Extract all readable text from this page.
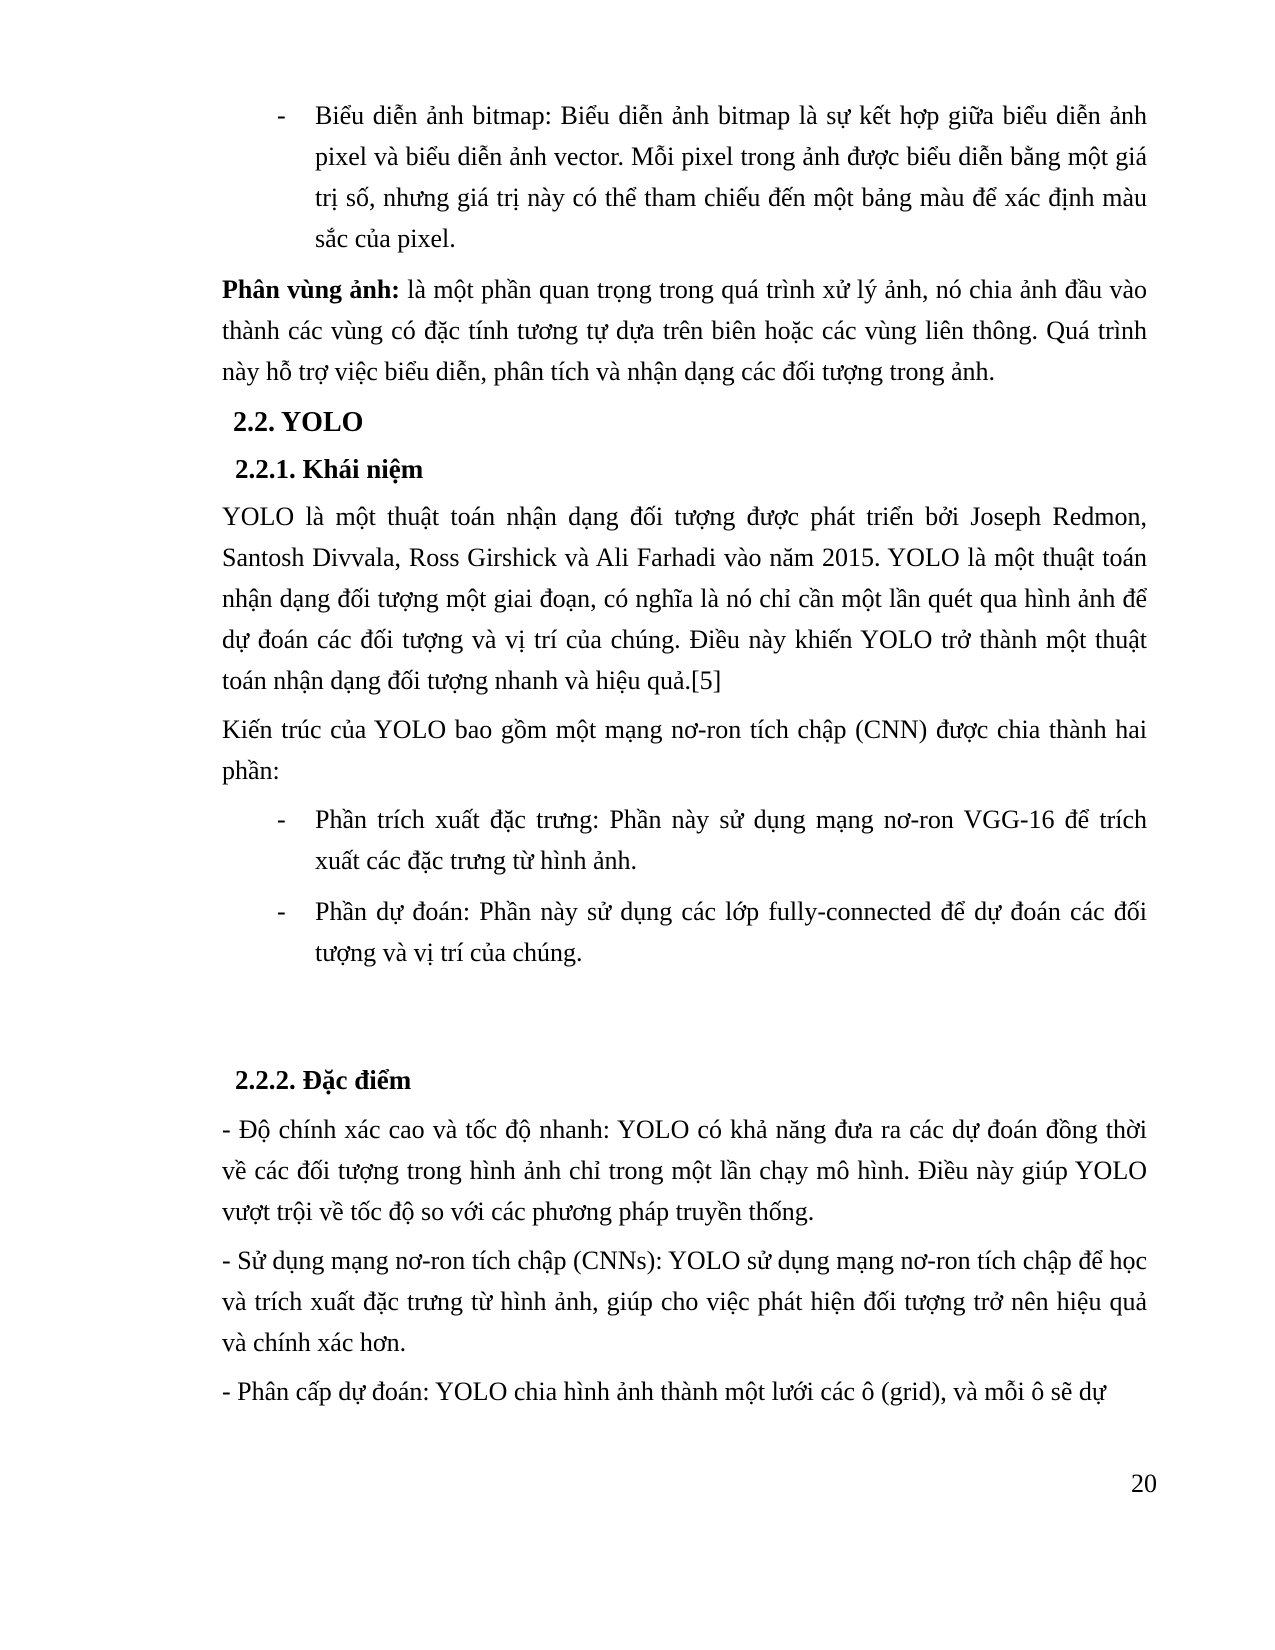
-	Biểu diễn ảnh bitmap: Biểu diễn ảnh bitmap là sự kết hợp giữa biểu diễn ảnh pixel và biểu diễn ảnh vector. Mỗi pixel trong ảnh được biểu diễn bằng một giá trị số, nhưng giá trị này có thể tham chiếu đến một bảng màu để xác định màu sắc của pixel.

Phân vùng ảnh: là một phần quan trọng trong quá trình xử lý ảnh, nó chia ảnh đầu vào thành các vùng có đặc tính tương tự dựa trên biên hoặc các vùng liên thông. Quá trình này hỗ trợ việc biểu diễn, phân tích và nhận dạng các đối tượng trong ảnh.

2.2. YOLO
2.2.1. Khái niệm

YOLO là một thuật toán nhận dạng đối tượng được phát triển bởi Joseph Redmon, Santosh Divvala, Ross Girshick và Ali Farhadi vào năm 2015. YOLO là một thuật toán nhận dạng đối tượng một giai đoạn, có nghĩa là nó chỉ cần một lần quét qua hình ảnh để dự đoán các đối tượng và vị trí của chúng. Điều này khiến YOLO trở thành một thuật toán nhận dạng đối tượng nhanh và hiệu quả.[5]

Kiến trúc của YOLO bao gồm một mạng nơ-ron tích chập (CNN) được chia thành hai phần:

-	Phần trích xuất đặc trưng: Phần này sử dụng mạng nơ-ron VGG-16 để trích xuất các đặc trưng từ hình ảnh.
-	Phần dự đoán: Phần này sử dụng các lớp fully-connected để dự đoán các đối tượng và vị trí của chúng.
2.2.2. Đặc điểm

- Độ chính xác cao và tốc độ nhanh: YOLO có khả năng đưa ra các dự đoán đồng thời về các đối tượng trong hình ảnh chỉ trong một lần chạy mô hình. Điều này giúp YOLO vượt trội về tốc độ so với các phương pháp truyền thống.

- Sử dụng mạng nơ-ron tích chập (CNNs): YOLO sử dụng mạng nơ-ron tích chập để học và trích xuất đặc trưng từ hình ảnh, giúp cho việc phát hiện đối tượng trở nên hiệu quả và chính xác hơn.

- Phân cấp dự đoán: YOLO chia hình ảnh thành một lưới các ô (grid), và mỗi ô sẽ dự

20
